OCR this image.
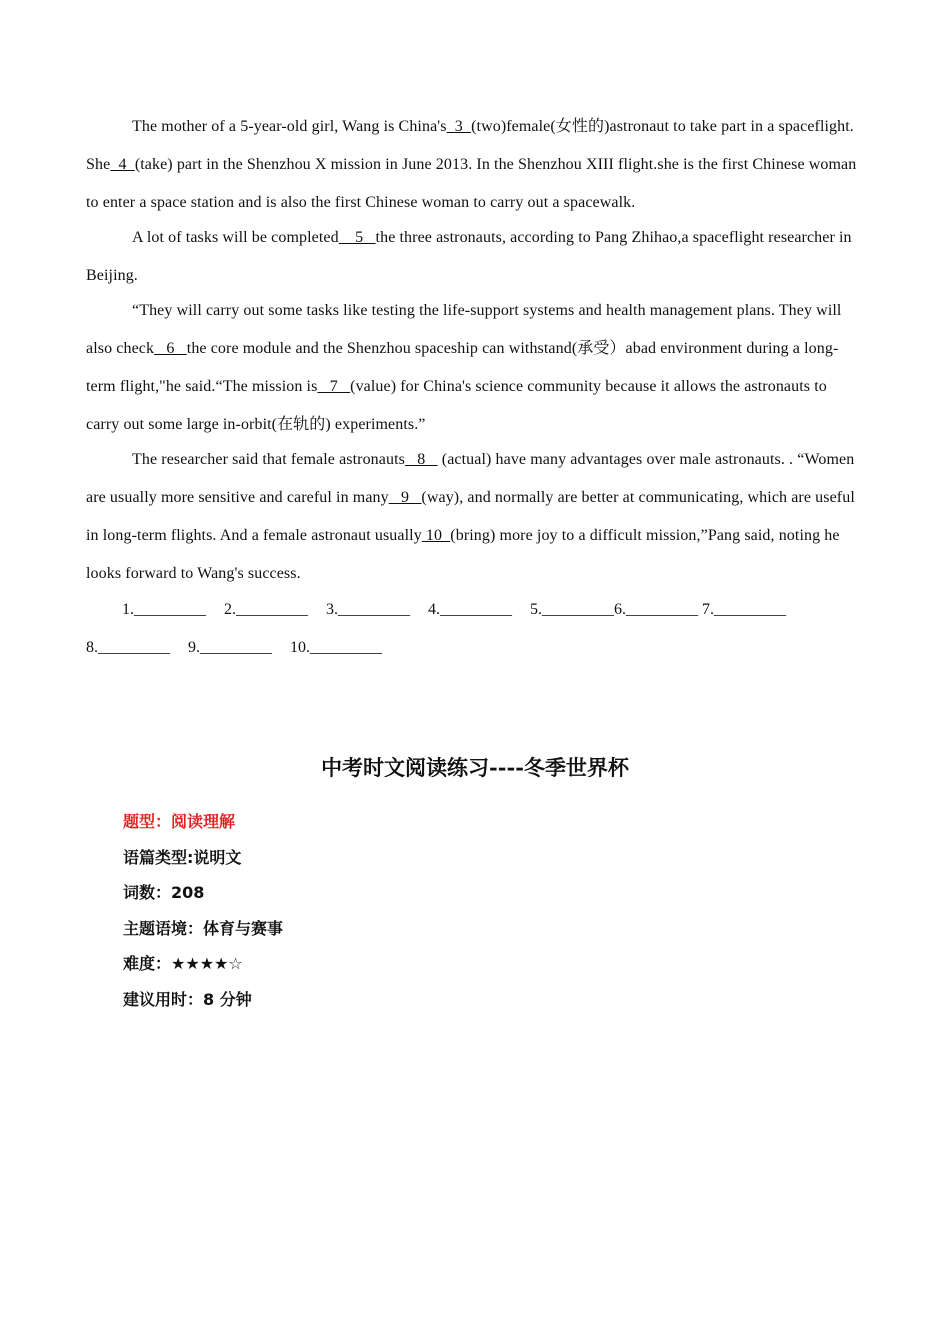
The mother of a 5-year-old girl, Wang is China's  3  (two)female(女性的)astronaut to take part in a spaceflight. She  4  (take) part in the Shenzhou X mission in June 2013. In the Shenzhou XIII flight.she is the first Chinese woman to enter a space station and is also the first Chinese woman to carry out a spacewalk.

A lot of tasks will be completed    5   the three astronauts, according to Pang Zhihao,a spaceflight researcher in Beijing.

“They will carry out some tasks like testing the life-support systems and health management plans. They will also check   6   the core module and the Shenzhou spaceship can withstand(承受）abad environment during a long-term flight,"he said.“The mission is   7   (value) for China's science community because it allows the astronauts to carry out some large in-orbit(在轨的) experiments.”

The researcher said that female astronauts   8    (actual) have many advantages over male astronauts. . “Women are usually more sensitive and careful in many   9   (way), and normally are better at communicating, which are useful in long-term flights. And a female astronaut usually 10  (bring) more joy to a difficult mission,”Pang said, noting he looks forward to Wang's success.

1._________ 2._________ 3._________ 4._________ 5._________6._________ 7._________
8._________ 9._________ 10._________
中考时文阅读练习----冬季世界杯
题型：阅读理解
语篇类型:说明文
词数：208
主题语境：体育与赛事
难度：★★★★☆
建议用时：8 分钟
